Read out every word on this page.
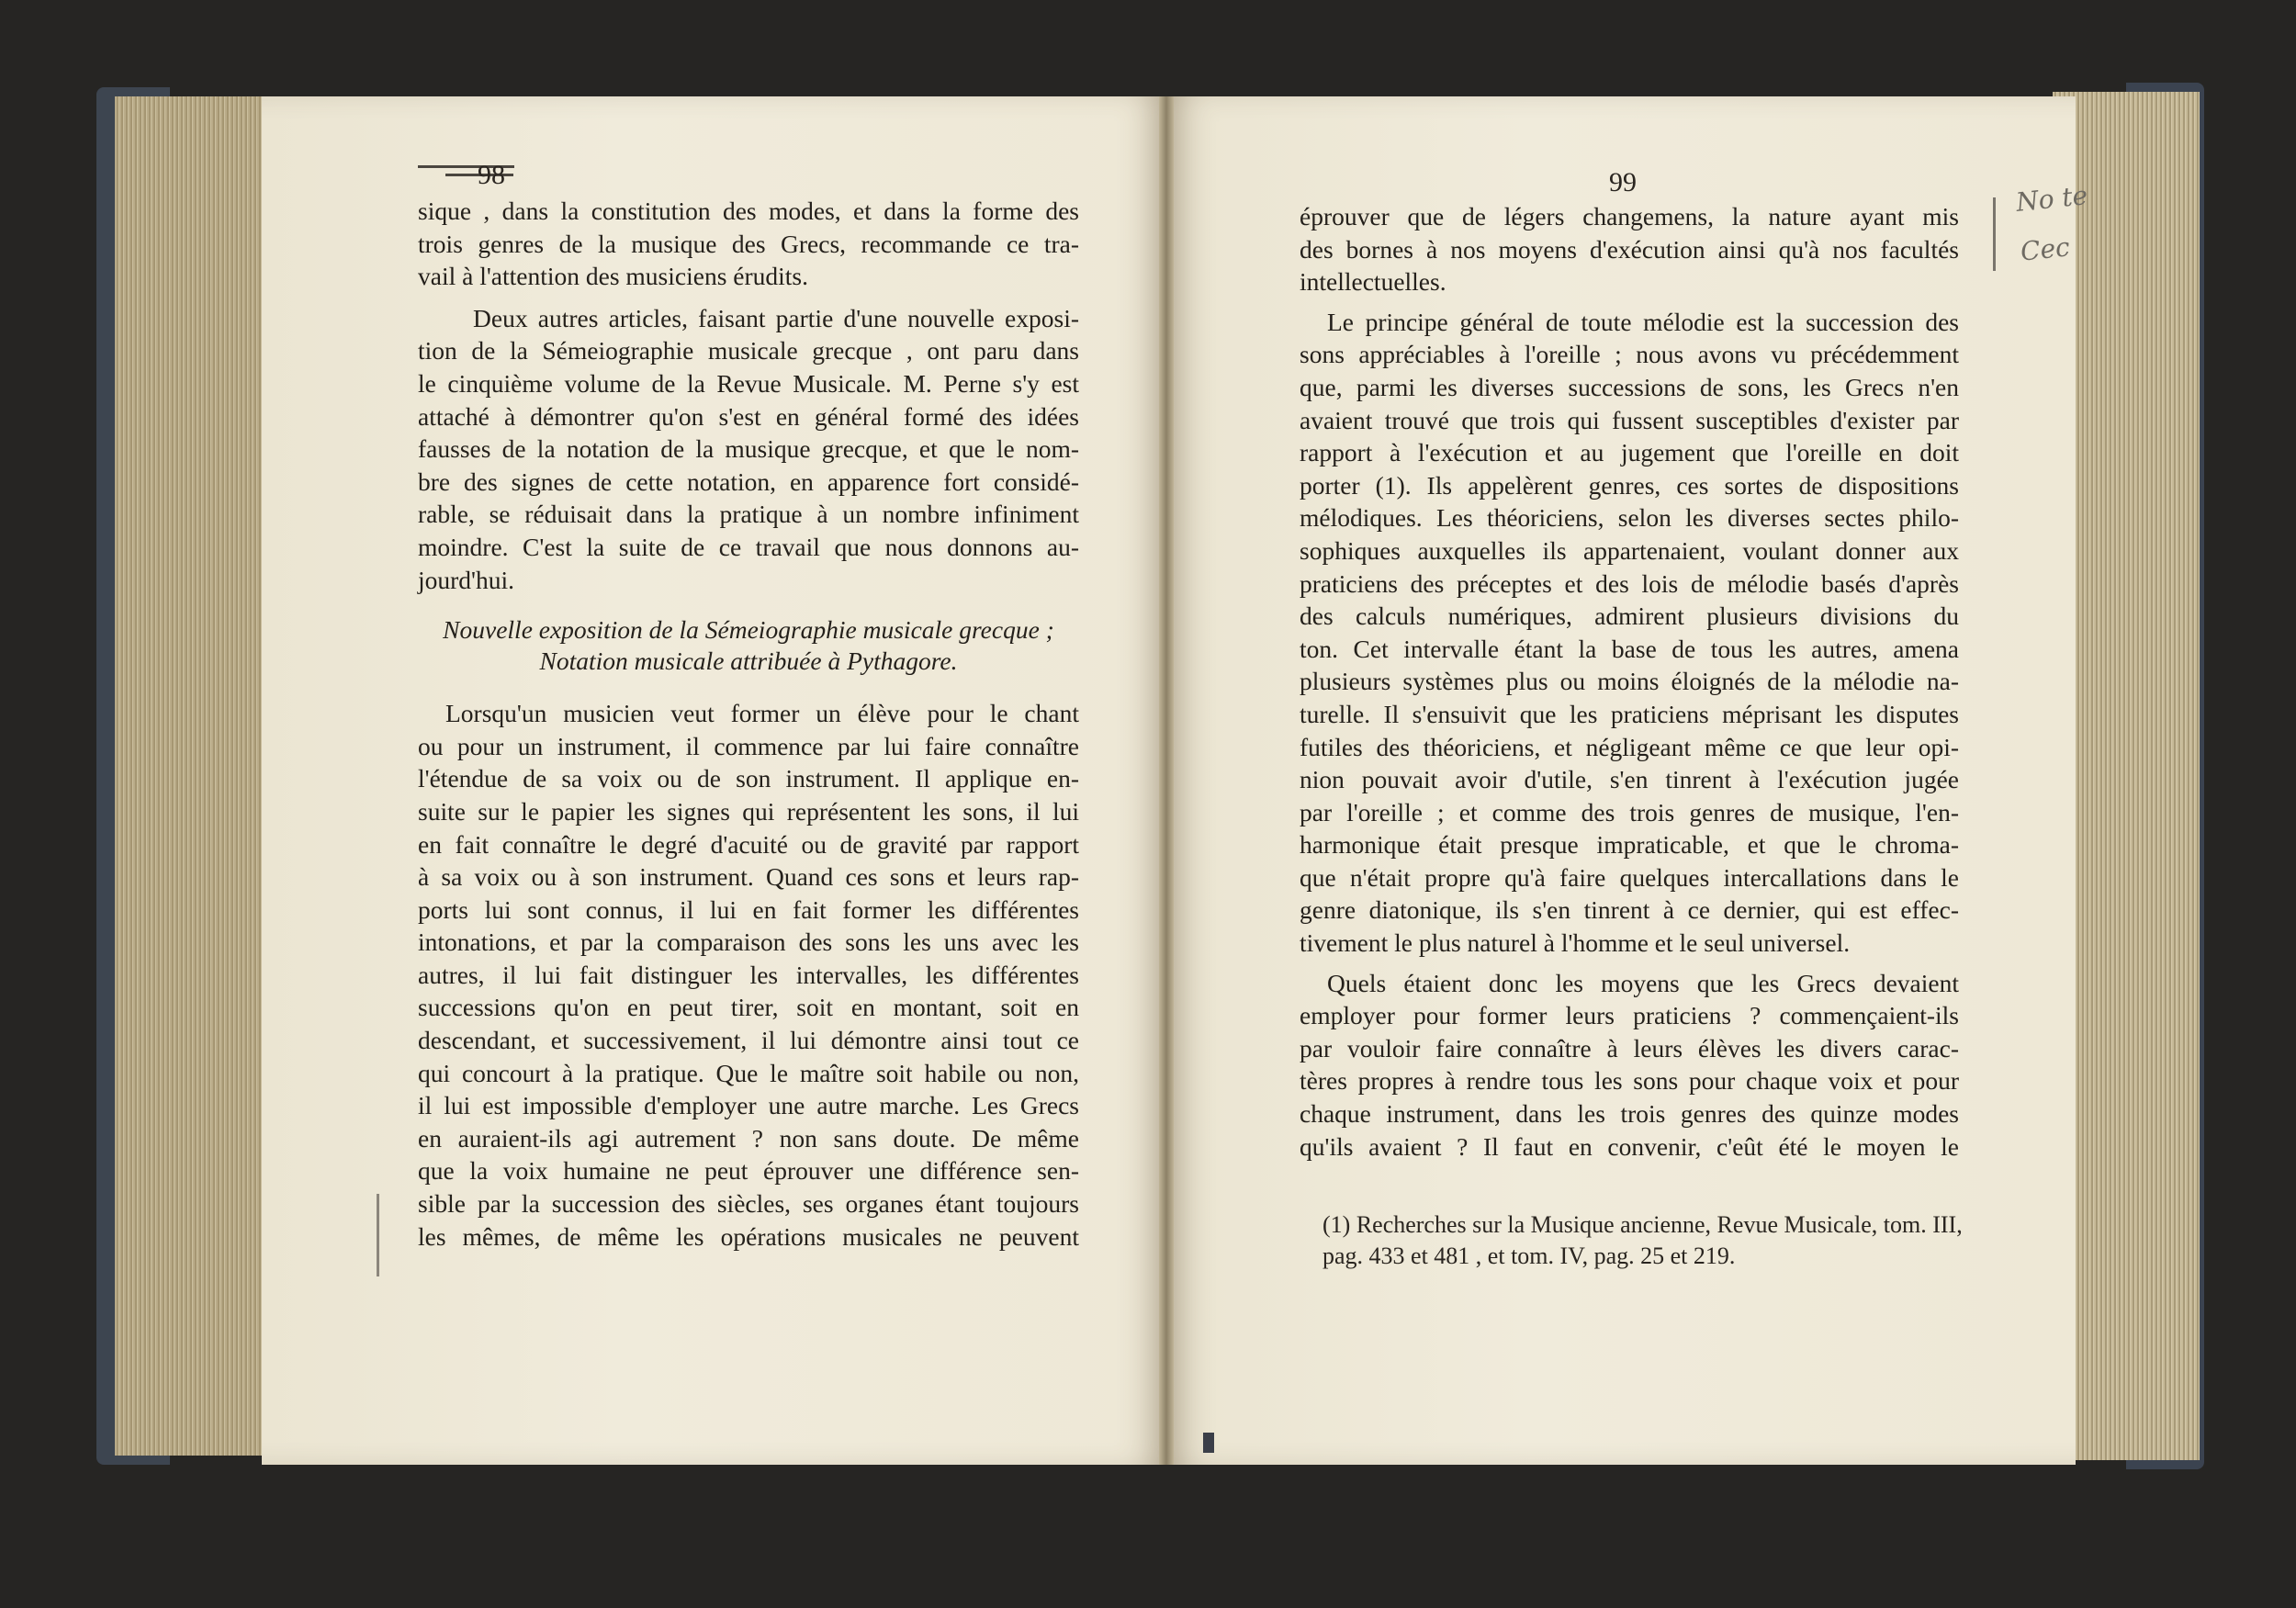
98	99

sique , dans la constitution des modes, et dans la forme des
trois genres de la musique des Grecs, recommande ce tra-
vail à l'attention des musiciens érudits.

Deux autres articles, faisant partie d'une nouvelle exposi-
tion de la Sémeiographie musicale grecque , ont paru dans
le cinquième volume de la Revue Musicale. M. Perne s'y est
attaché à démontrer qu'on s'est en général formé des idées
fausses de la notation de la musique grecque, et que le nom-
bre des signes de cette notation, en apparence fort considé-
rable, se réduisait dans la pratique à un nombre infiniment
moindre. C'est la suite de ce travail que nous donnons au-
jourd'hui.

Nouvelle exposition de la Sémeiographie musicale grecque ;
Notation musicale attribuée à Pythagore.

Lorsqu'un musicien veut former un élève pour le chant
ou pour un instrument, il commence par lui faire connaître
l'étendue de sa voix ou de son instrument. Il applique en-
suite sur le papier les signes qui représentent les sons, il lui
en fait connaître le degré d'acuité ou de gravité par rapport
à sa voix ou à son instrument. Quand ces sons et leurs rap-
ports lui sont connus, il lui en fait former les différentes
intonations, et par la comparaison des sons les uns avec les
autres, il lui fait distinguer les intervalles, les différentes
successions qu'on en peut tirer, soit en montant, soit en
descendant, et successivement, il lui démontre ainsi tout ce
qui concourt à la pratique. Que le maître soit habile ou non,
il lui est impossible d'employer une autre marche. Les Grecs
en auraient-ils agi autrement ? non sans doute. De même
que la voix humaine ne peut éprouver une différence sen-
sible par la succession des siècles, ses organes étant toujours
les mêmes, de même les opérations musicales ne peuvent

éprouver que de légers changemens, la nature ayant mis
des bornes à nos moyens d'exécution ainsi qu'à nos facultés
intellectuelles.

Le principe général de toute mélodie est la succession des
sons appréciables à l'oreille ; nous avons vu précédemment
que, parmi les diverses successions de sons, les Grecs n'en
avaient trouvé que trois qui fussent susceptibles d'exister par
rapport à l'exécution et au jugement que l'oreille en doit
porter (1). Ils appelèrent genres, ces sortes de dispositions
mélodiques. Les théoriciens, selon les diverses sectes philo-
sophiques auxquelles ils appartenaient, voulant donner aux
praticiens des préceptes et des lois de mélodie basés d'après
des calculs numériques, admirent plusieurs divisions du
ton. Cet intervalle étant la base de tous les autres, amena
plusieurs systèmes plus ou moins éloignés de la mélodie na-
turelle. Il s'ensuivit que les praticiens méprisant les disputes
futiles des théoriciens, et négligeant même ce que leur opi-
nion pouvait avoir d'utile, s'en tinrent à l'exécution jugée
par l'oreille ; et comme des trois genres de musique, l'en-
harmonique était presque impraticable, et que le chroma-
que n'était propre qu'à faire quelques intercallations dans le
genre diatonique, ils s'en tinrent à ce dernier, qui est effec-
tivement le plus naturel à l'homme et le seul universel.

Quels étaient donc les moyens que les Grecs devaient
employer pour former leurs praticiens ? commençaient-ils
par vouloir faire connaître à leurs élèves les divers carac-
tères propres à rendre tous les sons pour chaque voix et pour
chaque instrument, dans les trois genres des quinze modes
qu'ils avaient ? Il faut en convenir, c'eût été le moyen le

(1) Recherches sur la Musique ancienne, Revue Musicale, tom. III,
pag. 433 et 481 , et tom. IV, pag. 25 et 219.
No te
Cec
